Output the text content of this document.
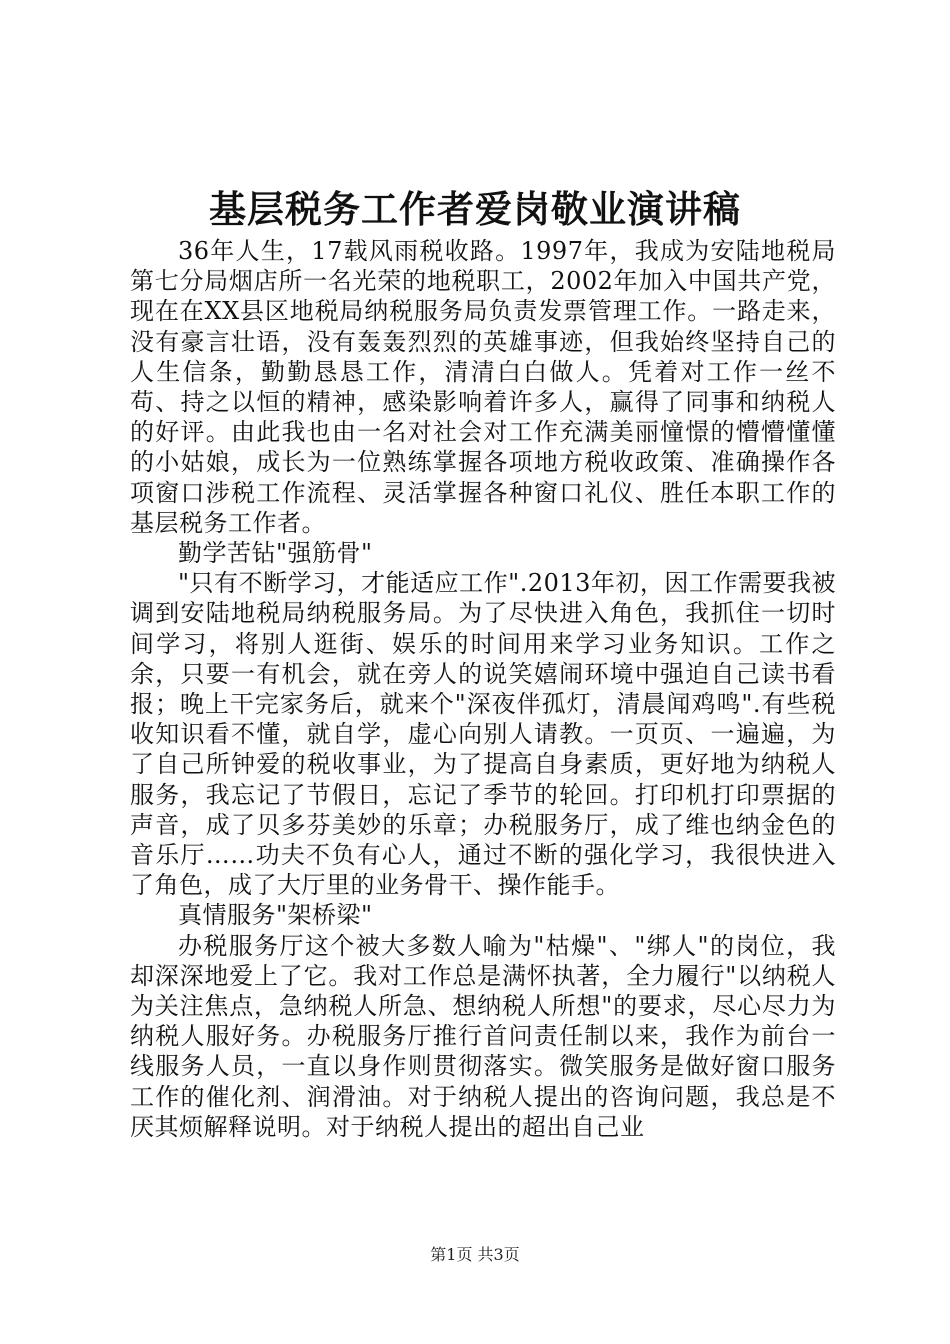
基层税务工作者爱岗敬业演讲稿

36年人生，17载风雨税收路。1997年，我成为安陆地税局第七分局烟店所一名光荣的地税职工，2002年加入中国共产党，现在在XX县区地税局纳税服务局负责发票管理工作。一路走来，没有豪言壮语，没有轰轰烈烈的英雄事迹，但我始终坚持自己的人生信条，勤勤恳恳工作，清清白白做人。凭着对工作一丝不苟、持之以恒的精神，感染影响着许多人，赢得了同事和纳税人的好评。由此我也由一名对社会对工作充满美丽憧憬的懵懵懂懂的小姑娘，成长为一位熟练掌握各项地方税收政策、准确操作各项窗口涉税工作流程、灵活掌握各种窗口礼仪、胜任本职工作的基层税务工作者。

勤学苦钻"强筋骨"

"只有不断学习，才能适应工作".2013年初，因工作需要我被调到安陆地税局纳税服务局。为了尽快进入角色，我抓住一切时间学习，将别人逛街、娱乐的时间用来学习业务知识。工作之余，只要一有机会，就在旁人的说笑嬉闹环境中强迫自己读书看报；晚上干完家务后，就来个"深夜伴孤灯，清晨闻鸡鸣".有些税收知识看不懂，就自学，虚心向别人请教。一页页、一遍遍，为了自己所钟爱的税收事业，为了提高自身素质，更好地为纳税人服务，我忘记了节假日，忘记了季节的轮回。打印机打印票据的声音，成了贝多芬美妙的乐章；办税服务厅，成了维也纳金色的音乐厅……功夫不负有心人，通过不断的强化学习，我很快进入了角色，成了大厅里的业务骨干、操作能手。

真情服务"架桥梁"

办税服务厅这个被大多数人喻为"枯燥"、"绑人"的岗位，我却深深地爱上了它。我对工作总是满怀执著，全力履行"以纳税人为关注焦点，急纳税人所急、想纳税人所想"的要求，尽心尽力为纳税人服好务。办税服务厅推行首问责任制以来，我作为前台一线服务人员，一直以身作则贯彻落实。微笑服务是做好窗口服务工作的催化剂、润滑油。对于纳税人提出的咨询问题，我总是不厌其烦解释说明。对于纳税人提出的超出自己业

第1页 共3页
